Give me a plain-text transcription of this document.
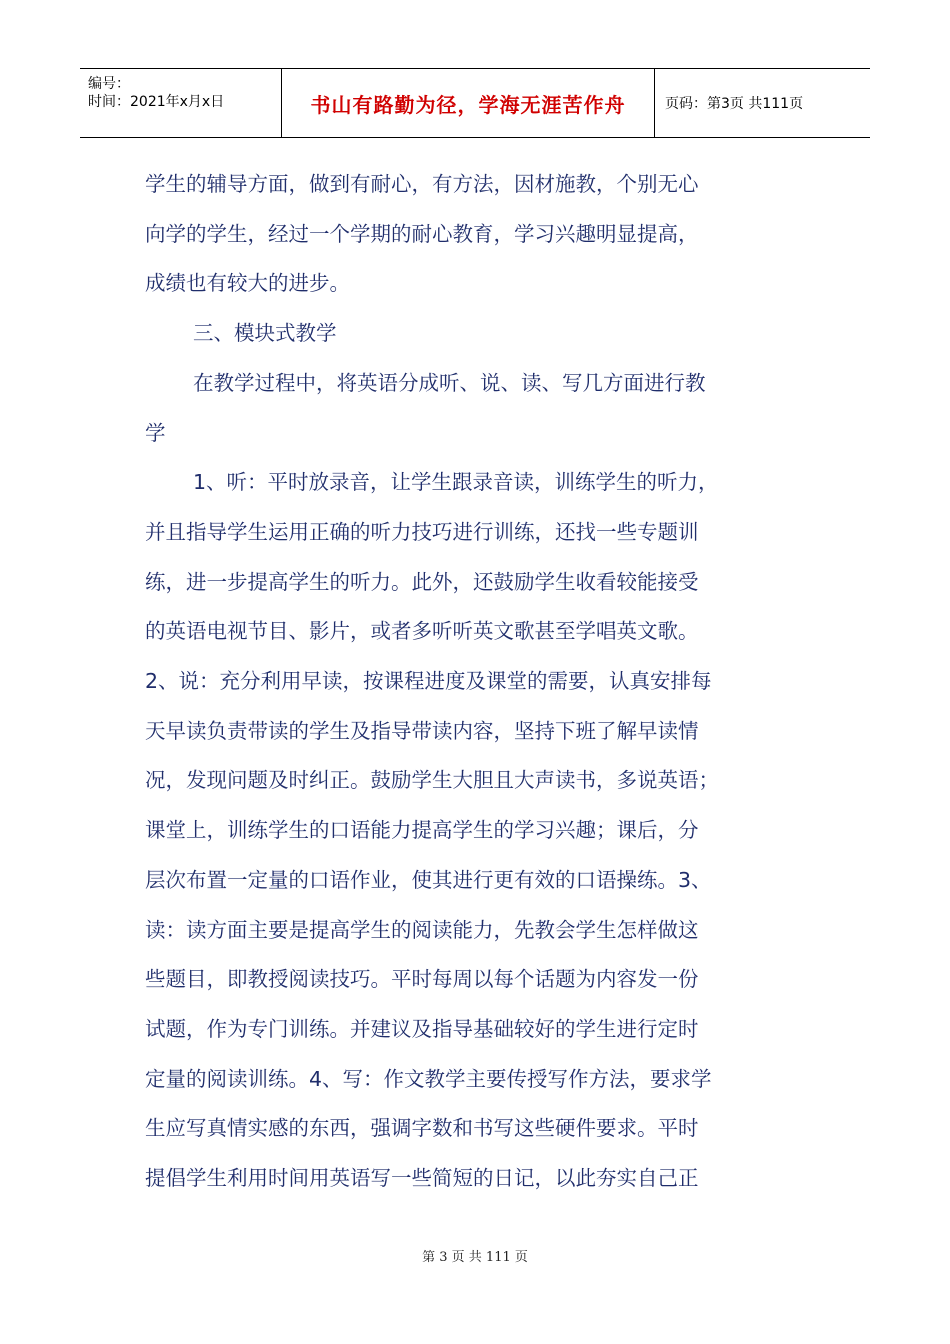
编号：
时间：2021年x月x日	书山有路勤为径，学海无涯苦作舟	页码：第3页 共111页

学生的辅导方面，做到有耐心，有方法，因材施教，个别无心

向学的学生，经过一个学期的耐心教育，学习兴趣明显提高，

成绩也有较大的进步。

三、模块式教学

在教学过程中，将英语分成听、说、读、写几方面进行教

学

1、听：平时放录音，让学生跟录音读，训练学生的听力，

并且指导学生运用正确的听力技巧进行训练，还找一些专题训

练，进一步提高学生的听力。此外，还鼓励学生收看较能接受

的英语电视节目、影片，或者多听听英文歌甚至学唱英文歌。

2、说：充分利用早读，按课程进度及课堂的需要，认真安排每

天早读负责带读的学生及指导带读内容，坚持下班了解早读情

况，发现问题及时纠正。鼓励学生大胆且大声读书，多说英语；

课堂上，训练学生的口语能力提高学生的学习兴趣；课后，分

层次布置一定量的口语作业，使其进行更有效的口语操练。3、

读：读方面主要是提高学生的阅读能力，先教会学生怎样做这

些题目，即教授阅读技巧。平时每周以每个话题为内容发一份

试题，作为专门训练。并建议及指导基础较好的学生进行定时

定量的阅读训练。4、写：作文教学主要传授写作方法，要求学

生应写真情实感的东西，强调字数和书写这些硬件要求。平时

提倡学生利用时间用英语写一些简短的日记，以此夯实自己正

第 3 页 共 111 页
